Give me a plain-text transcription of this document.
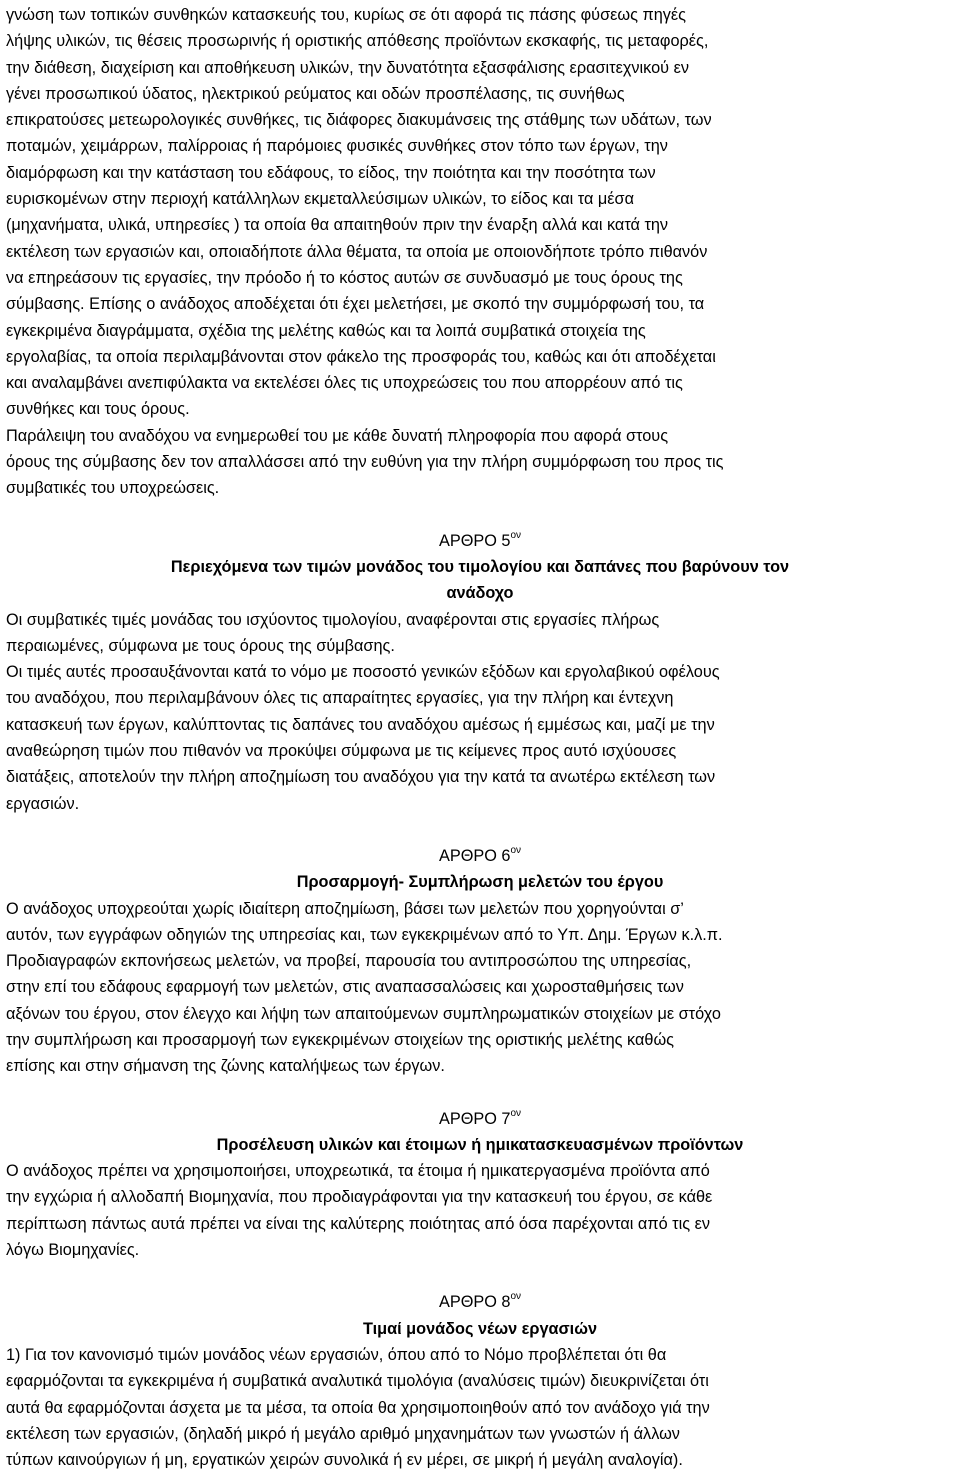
γνώση των τοπικών συνθηκών κατασκευής του, κυρίως σε ότι αφορά τις πάσης φύσεως πηγές
λήψης υλικών, τις θέσεις προσωρινής ή οριστικής απόθεσης προϊόντων εκσκαφής, τις μεταφορές,
την διάθεση, διαχείριση και αποθήκευση υλικών, την δυνατότητα εξασφάλισης ερασιτεχνικού εν
γένει προσωπικού ύδατος, ηλεκτρικού ρεύματος και οδών προσπέλασης, τις συνήθως
επικρατούσες μετεωρολογικές συνθήκες, τις διάφορες διακυμάνσεις της στάθμης των υδάτων, των
ποταμών, χειμάρρων, παλίρροιας ή παρόμοιες φυσικές συνθήκες στον τόπο των έργων, την
διαμόρφωση και την κατάσταση του εδάφους, το είδος, την ποιότητα και την ποσότητα των
ευρισκομένων στην περιοχή κατάλληλων εκμεταλλεύσιμων υλικών, το είδος και τα μέσα
(μηχανήματα, υλικά, υπηρεσίες ) τα οποία θα απαιτηθούν πριν την έναρξη αλλά και κατά την
εκτέλεση των εργασιών και, οποιαδήποτε άλλα θέματα, τα οποία με οποιονδήποτε τρόπο πιθανόν
να επηρεάσουν τις εργασίες, την πρόοδο ή το κόστος αυτών σε συνδυασμό με τους όρους της
σύμβασης. Επίσης ο ανάδοχος αποδέχεται ότι έχει μελετήσει, με σκοπό την συμμόρφωσή του, τα
εγκεκριμένα διαγράμματα, σχέδια της μελέτης καθώς και τα λοιπά συμβατικά στοιχεία της
εργολαβίας, τα οποία περιλαμβάνονται στον φάκελο της προσφοράς του, καθώς και ότι αποδέχεται
και αναλαμβάνει ανεπιφύλακτα να εκτελέσει όλες τις υποχρεώσεις του που απορρέουν από τις
συνθήκες και τους όρους.
Παράλειψη του αναδόχου να ενημερωθεί του με κάθε δυνατή πληροφορία που αφορά στους
όρους της σύμβασης δεν τον απαλλάσσει από την ευθύνη για την πλήρη συμμόρφωση του προς τις
συμβατικές του υποχρεώσεις.
ΑΡΘΡΟ $5^{o\nu}$
Περιεχόμενα των τιμών μονάδος του τιμολογίου και δαπάνες που βαρύνουν τον
ανάδοχο
Οι συμβατικές τιμές μονάδας του ισχύοντος τιμολογίου, αναφέρονται στις εργασίες πλήρως
περαιωμένες, σύμφωνα με τους όρους της σύμβασης.
Οι τιμές αυτές προσαυξάνονται κατά το νόμο με ποσοστό γενικών εξόδων και εργολαβικού οφέλους
του αναδόχου, που περιλαμβάνουν όλες τις απαραίτητες εργασίες, για την πλήρη και έντεχνη
κατασκευή των έργων, καλύπτοντας τις δαπάνες του αναδόχου αμέσως ή εμμέσως και, μαζί με την
αναθεώρηση τιμών που πιθανόν να προκύψει σύμφωνα με τις κείμενες προς αυτό ισχύουσες
διατάξεις, αποτελούν την πλήρη αποζημίωση του αναδόχου για την κατά τα ανωτέρω εκτέλεση των
εργασιών.
ΑΡΘΡΟ $6^{o\nu}$
Προσαρμογή- Συμπλήρωση μελετών του έργου
Ο ανάδοχος υποχρεούται χωρίς ιδιαίτερη αποζημίωση, βάσει των μελετών που χορηγούνται σ’
αυτόν, των εγγράφων οδηγιών της υπηρεσίας και, των εγκεκριμένων από το Υπ. Δημ. Έργων κ.λ.π.
Προδιαγραφών εκπονήσεως μελετών, να προβεί, παρουσία του αντιπροσώπου της υπηρεσίας,
στην επί του εδάφους εφαρμογή των μελετών, στις αναπασσαλώσεις και χωροσταθμήσεις των
αξόνων του έργου, στον έλεγχο και λήψη των απαιτούμενων συμπληρωματικών στοιχείων με στόχο
την συμπλήρωση και προσαρμογή των εγκεκριμένων στοιχείων της οριστικής μελέτης καθώς
επίσης και στην σήμανση της ζώνης καταλήψεως των έργων.
ΑΡΘΡΟ $7^{o\nu}$
Προσέλευση υλικών και έτοιμων ή ημικατασκευασμένων προϊόντων
Ο ανάδοχος πρέπει να χρησιμοποιήσει, υποχρεωτικά, τα έτοιμα ή ημικατεργασμένα προϊόντα από
την εγχώρια ή αλλοδαπή Βιομηχανία, που προδιαγράφονται για την κατασκευή του έργου, σε κάθε
περίπτωση πάντως αυτά πρέπει να είναι της καλύτερης ποιότητας από όσα παρέχονται από τις εν
λόγω Βιομηχανίες.
ΑΡΘΡΟ $8^{o\nu}$
Τιμαί μονάδος νέων εργασιών
1) Για τον κανονισμό τιμών μονάδος νέων εργασιών, όπου από το Νόμο προβλέπεται ότι θα
εφαρμόζονται τα εγκεκριμένα ή συμβατικά αναλυτικά τιμολόγια (αναλύσεις τιμών) διευκρινίζεται ότι
αυτά θα εφαρμόζονται άσχετα με τα μέσα, τα οποία θα χρησιμοποιηθούν από τον ανάδοχο γιά την
εκτέλεση των εργασιών, (δηλαδή μικρό ή μεγάλο αριθμό μηχανημάτων των γνωστών ή άλλων
τύπων καινούργιων ή μη, εργατικών χειρών συνολικά ή εν μέρει, σε μικρή ή μεγάλη αναλογία).
